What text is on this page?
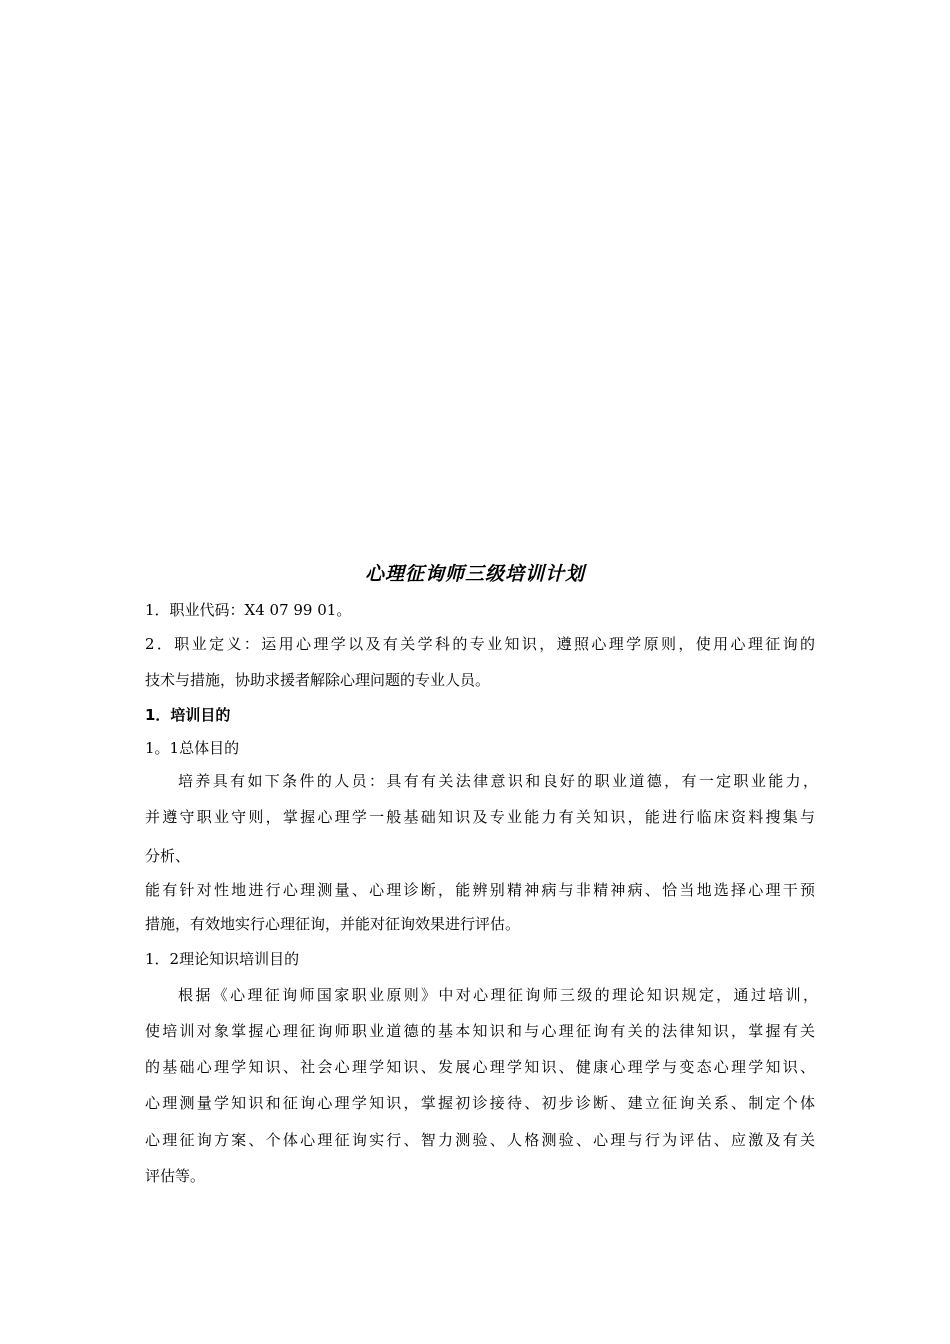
心理征询师三级培训计划
1．职业代码：X4 07 99 01。
2．职业定义：运用心理学以及有关学科的专业知识，遵照心理学原则，使用心理征询的
技术与措施，协助求援者解除心理问题的专业人员。
1．培训目的
1。1总体目的
培养具有如下条件的人员：具有有关法律意识和良好的职业道德，有一定职业能力，
并遵守职业守则，掌握心理学一般基础知识及专业能力有关知识，能进行临床资料搜集与
分析、
能有针对性地进行心理测量、心理诊断，能辨别精神病与非精神病、恰当地选择心理干预
措施，有效地实行心理征询，并能对征询效果进行评估。
1．2理论知识培训目的
根据《心理征询师国家职业原则》中对心理征询师三级的理论知识规定，通过培训，
使培训对象掌握心理征询师职业道德的基本知识和与心理征询有关的法律知识，掌握有关
的基础心理学知识、社会心理学知识、发展心理学知识、健康心理学与变态心理学知识、
心理测量学知识和征询心理学知识，掌握初诊接待、初步诊断、建立征询关系、制定个体
心理征询方案、个体心理征询实行、智力测验、人格测验、心理与行为评估、应激及有关
评估等。
